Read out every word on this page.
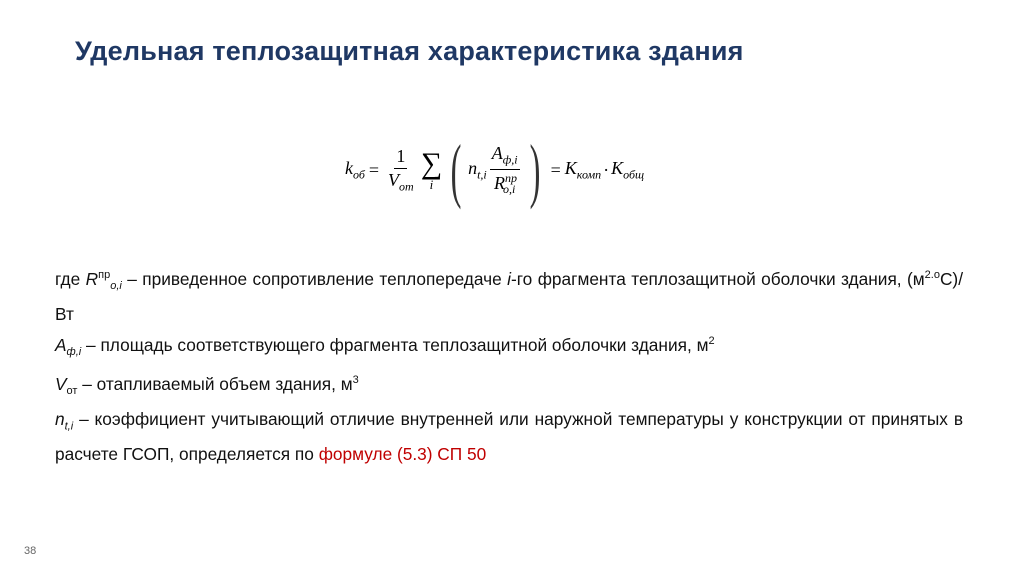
Удельная теплозащитная характеристика здания
$k_{об} = \frac{1}{V_{от}}$ ∑
i ( $n_{t,i} \frac{A_{ф,i}}{R^{пр}_{o,i}}$ ) = $K_{комп} \cdot K_{общ}$

где $R^{пр}_{o,i}$ – приведенное сопротивление теплопередаче i-го фрагмента теплозащитной оболочки здания, $(м^{2.o}С)/Вт$

$А_{ф,i}$ – площадь соответствующего фрагмента теплозащитной оболочки здания, $м^2$

$V_{от}$ – отапливаемый объем здания, $м^3$

$n_{t,i}$ – коэффициент учитывающий отличие внутренней или наружной температуры у конструкции от принятых в расчете ГСОП, определяется по формуле (5.3) СП 50

38
